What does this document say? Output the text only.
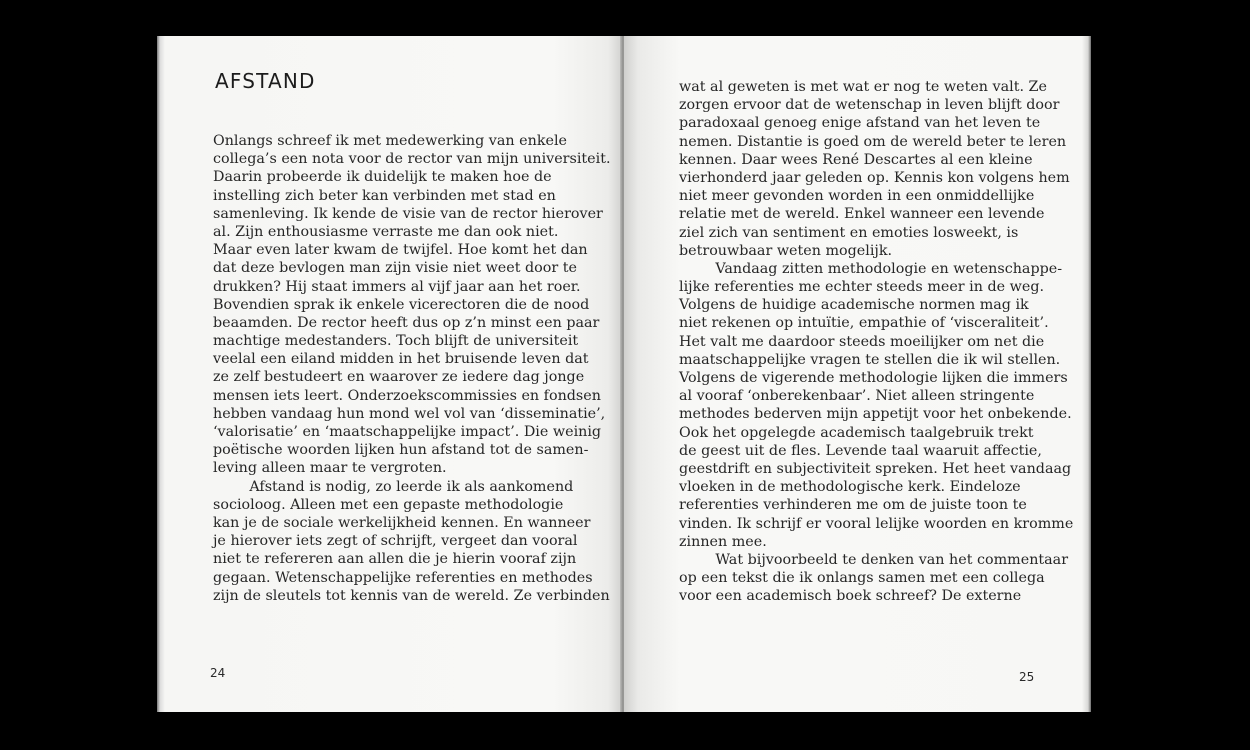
AFSTAND
Onlangs schreef ik met medewerking van enkele
collega’s een nota voor de rector van mijn universiteit.
Daarin probeerde ik duidelijk te maken hoe de
instelling zich beter kan verbinden met stad en
samenleving. Ik kende de visie van de rector hierover
al. Zijn enthousiasme verraste me dan ook niet.
Maar even later kwam de twijfel. Hoe komt het dan
dat deze bevlogen man zijn visie niet weet door te
drukken? Hij staat immers al vijf jaar aan het roer.
Bovendien sprak ik enkele vicerectoren die de nood
beaamden. De rector heeft dus op z’n minst een paar
machtige medestanders. Toch blijft de universiteit
veelal een eiland midden in het bruisende leven dat
ze zelf bestudeert en waarover ze iedere dag jonge
mensen iets leert. Onderzoekscommissies en fondsen
hebben vandaag hun mond wel vol van ‘disseminatie’,
‘valorisatie’ en ‘maatschappelijke impact’. Die weinig
poëtische woorden lijken hun afstand tot de samen-
leving alleen maar te vergroten.
Afstand is nodig, zo leerde ik als aankomend
socioloog. Alleen met een gepaste methodologie
kan je de sociale werkelijkheid kennen. En wanneer
je hierover iets zegt of schrijft, vergeet dan vooral
niet te refereren aan allen die je hierin vooraf zijn
gegaan. Wetenschappelijke referenties en methodes
zijn de sleutels tot kennis van de wereld. Ze verbinden
24
wat al geweten is met wat er nog te weten valt. Ze
zorgen ervoor dat de wetenschap in leven blijft door
paradoxaal genoeg enige afstand van het leven te
nemen. Distantie is goed om de wereld beter te leren
kennen. Daar wees René Descartes al een kleine
vierhonderd jaar geleden op. Kennis kon volgens hem
niet meer gevonden worden in een onmiddellijke
relatie met de wereld. Enkel wanneer een levende
ziel zich van sentiment en emoties losweekt, is
betrouwbaar weten mogelijk.
Vandaag zitten methodologie en wetenschappe-
lijke referenties me echter steeds meer in de weg.
Volgens de huidige academische normen mag ik
niet rekenen op intuïtie, empathie of ‘visceraliteit’.
Het valt me daardoor steeds moeilijker om net die
maatschappelijke vragen te stellen die ik wil stellen.
Volgens de vigerende methodologie lijken die immers
al vooraf ‘onberekenbaar’. Niet alleen stringente
methodes bederven mijn appetijt voor het onbekende.
Ook het opgelegde academisch taalgebruik trekt
de geest uit de fles. Levende taal waaruit affectie,
geestdrift en subjectiviteit spreken. Het heet vandaag
vloeken in de methodologische kerk. Eindeloze
referenties verhinderen me om de juiste toon te
vinden. Ik schrijf er vooral lelijke woorden en kromme
zinnen mee.
Wat bijvoorbeeld te denken van het commentaar
op een tekst die ik onlangs samen met een collega
voor een academisch boek schreef? De externe
25
